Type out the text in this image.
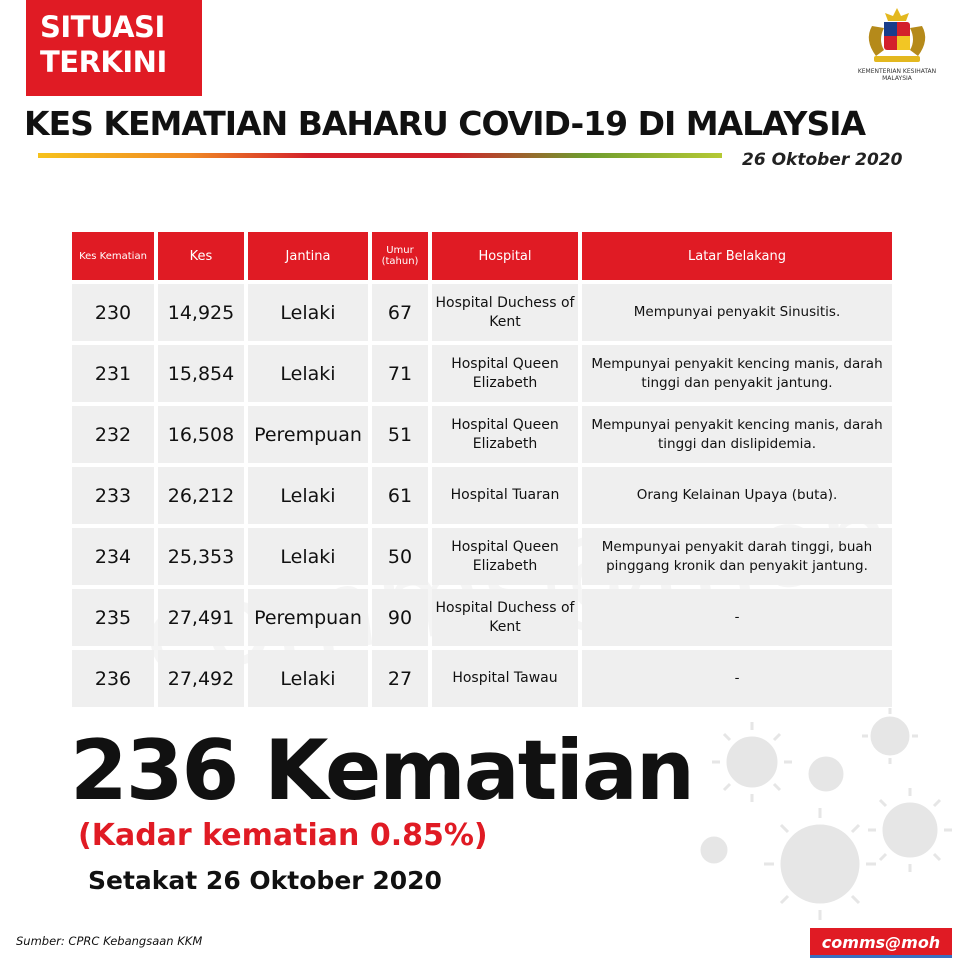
SITUASI
TERKINI	KEMENTERIAN KESIHATAN MALAYSIA
KES KEMATIAN BAHARU COVID-19 DI MALAYSIA
26 Oktober 2020
Kes Kematian	Kes	Jantina	Umur (tahun)	Hospital	Latar Belakang
230	14,925	Lelaki	67	Hospital Duchess of Kent	Mempunyai penyakit Sinusitis.
231	15,854	Lelaki	71	Hospital Queen Elizabeth	Mempunyai penyakit kencing manis, darah tinggi dan penyakit jantung.
232	16,508	Perempuan	51	Hospital Queen Elizabeth	Mempunyai penyakit kencing manis, darah tinggi dan dislipidemia.
233	26,212	Lelaki	61	Hospital Tuaran	Orang Kelainan Upaya (buta).
234	25,353	Lelaki	50	Hospital Queen Elizabeth	Mempunyai penyakit darah tinggi, buah pinggang kronik dan penyakit jantung.
235	27,491	Perempuan	90	Hospital Duchess of Kent	-
236	27,492	Lelaki	27	Hospital Tawau	-
236 Kematian
(Kadar kematian 0.85%)
Setakat 26 Oktober 2020
Sumber: CPRC Kebangsaan KKM	comms@moh
